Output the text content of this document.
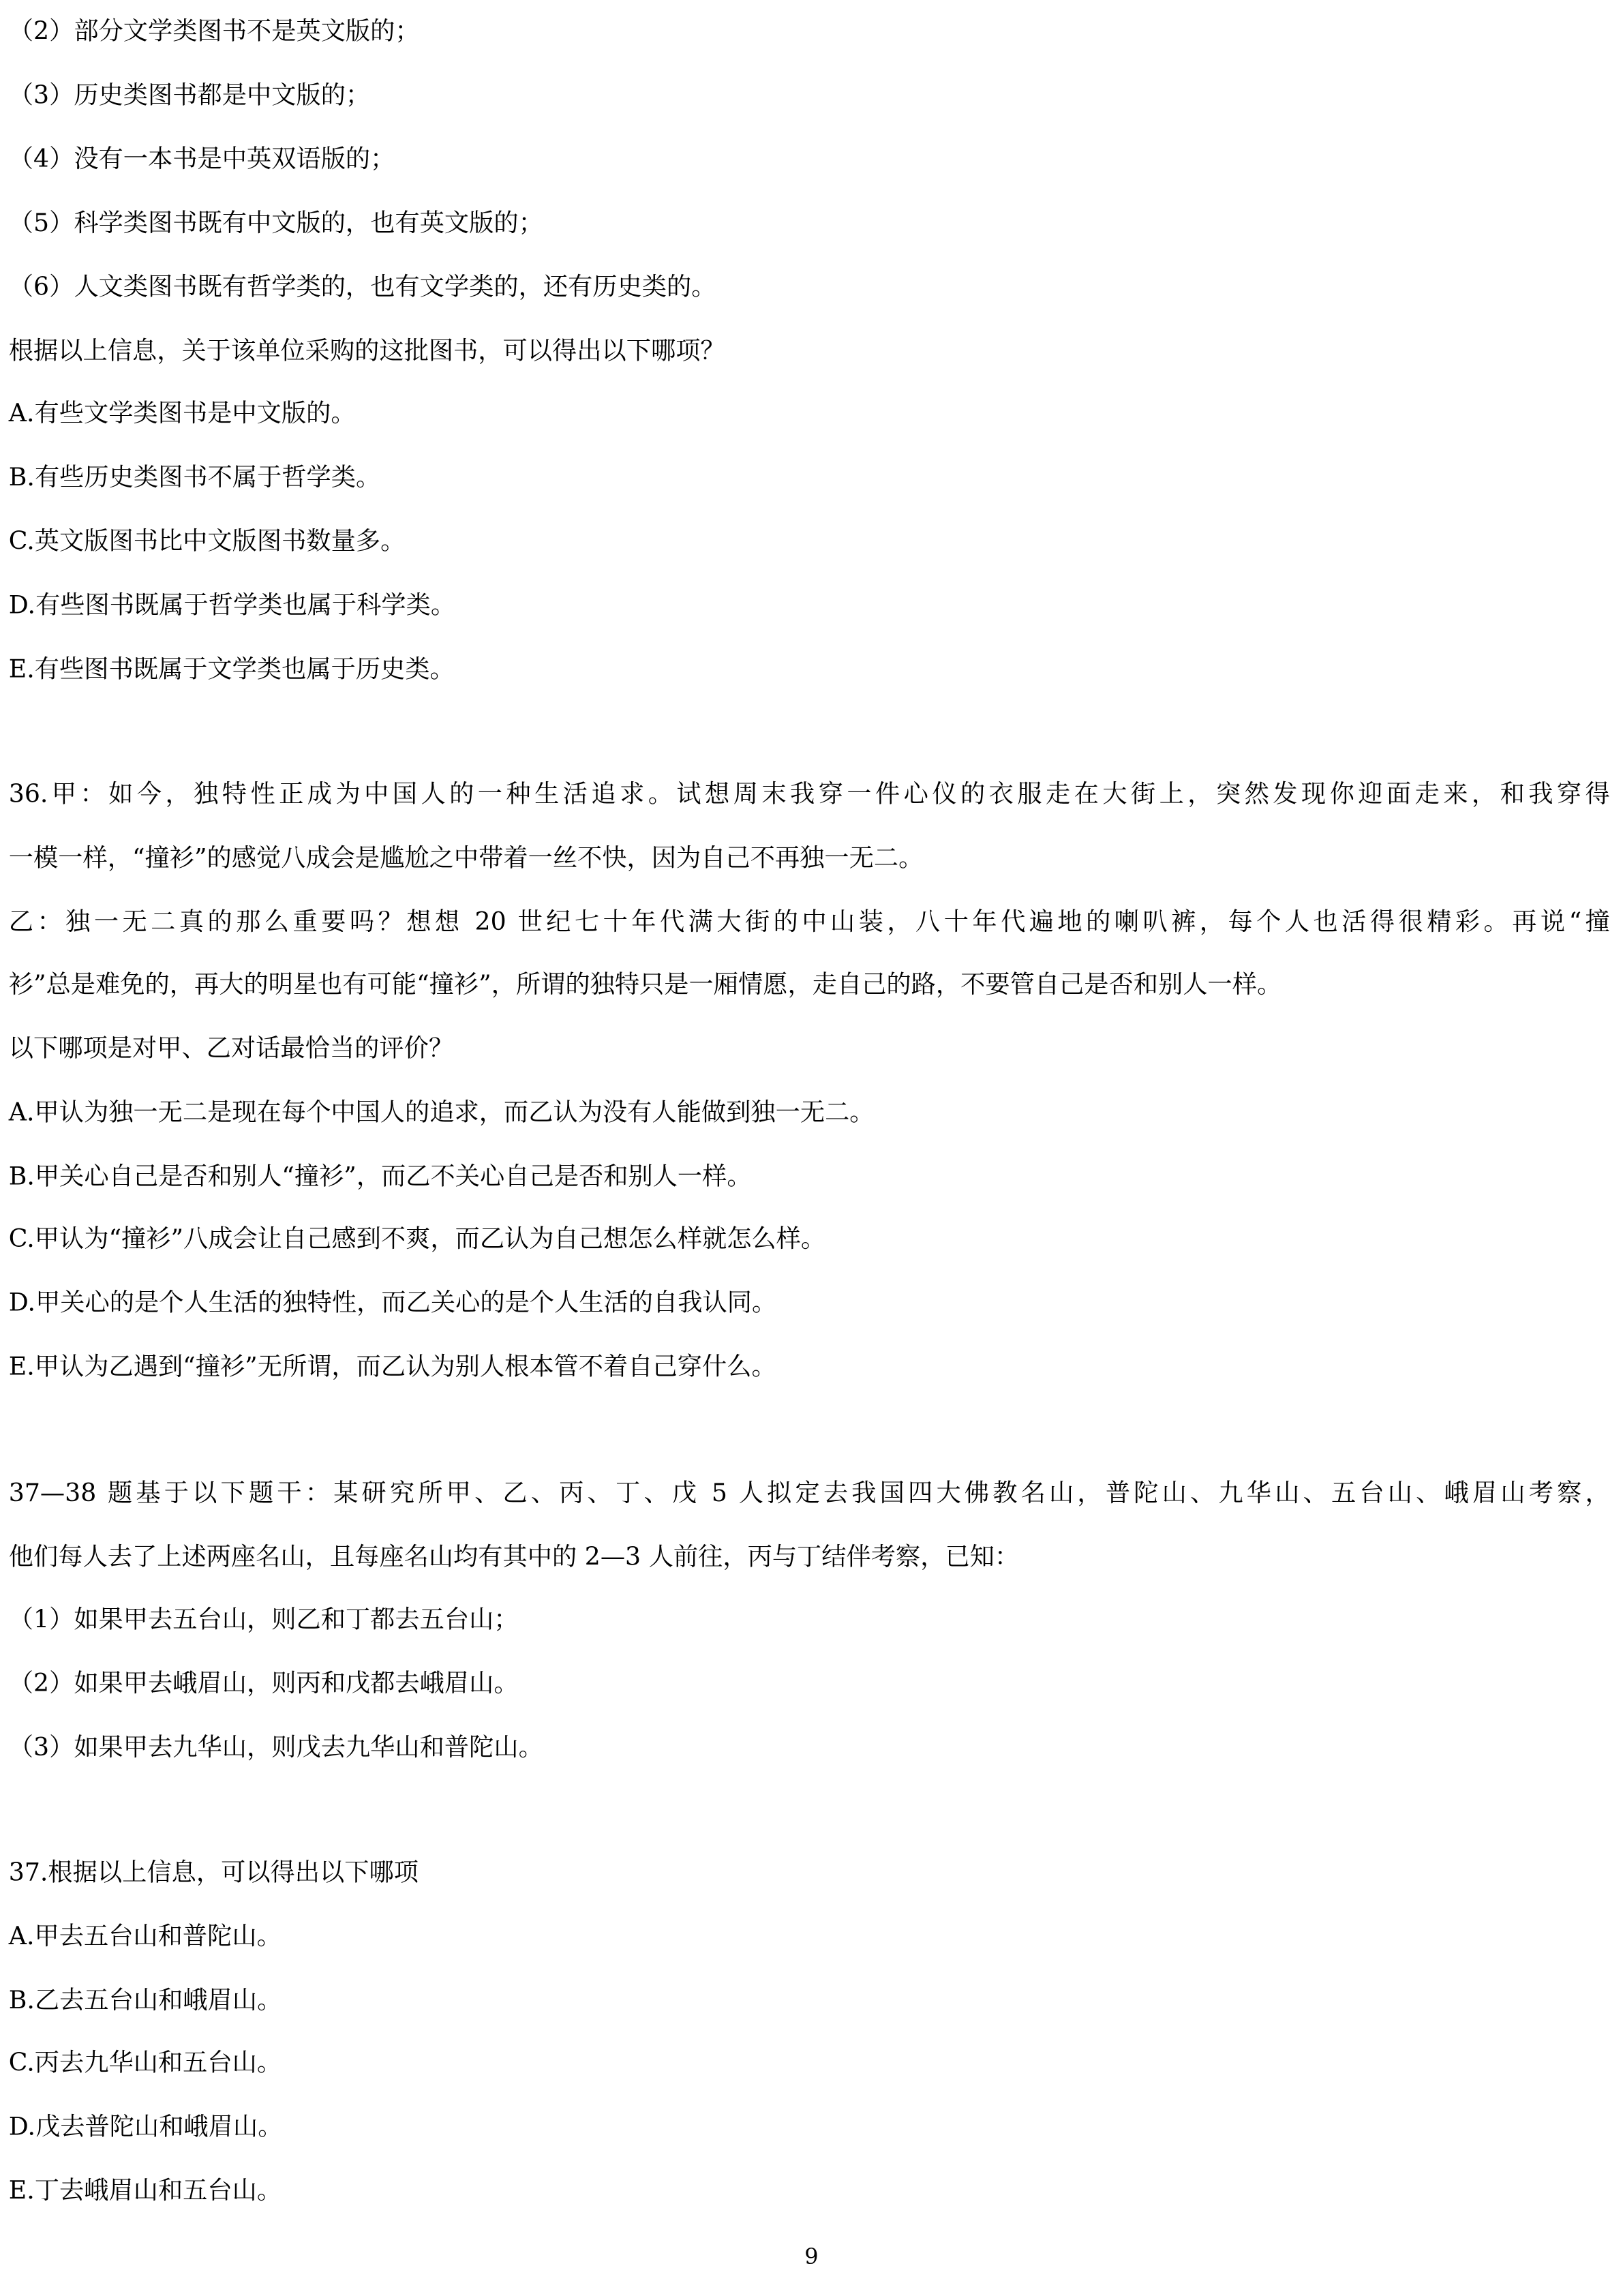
（2）部分文学类图书不是英文版的；
（3）历史类图书都是中文版的；
（4）没有一本书是中英双语版的；
（5）科学类图书既有中文版的，也有英文版的；
（6）人文类图书既有哲学类的，也有文学类的，还有历史类的。
根据以上信息，关于该单位采购的这批图书，可以得出以下哪项？
A.有些文学类图书是中文版的。
B.有些历史类图书不属于哲学类。
C.英文版图书比中文版图书数量多。
D.有些图书既属于哲学类也属于科学类。
E.有些图书既属于文学类也属于历史类。
36.甲：如今，独特性正成为中国人的一种生活追求。试想周末我穿一件心仪的衣服走在大街上，突然发现你迎面走来，和我穿得
一模一样，“撞衫”的感觉八成会是尴尬之中带着一丝不快，因为自己不再独一无二。
乙：独一无二真的那么重要吗？想想 20 世纪七十年代满大街的中山装，八十年代遍地的喇叭裤，每个人也活得很精彩。再说“撞
衫”总是难免的，再大的明星也有可能“撞衫”，所谓的独特只是一厢情愿，走自己的路，不要管自己是否和别人一样。
以下哪项是对甲、乙对话最恰当的评价？
A.甲认为独一无二是现在每个中国人的追求，而乙认为没有人能做到独一无二。
B.甲关心自己是否和别人“撞衫”，而乙不关心自己是否和别人一样。
C.甲认为“撞衫”八成会让自己感到不爽，而乙认为自己想怎么样就怎么样。
D.甲关心的是个人生活的独特性，而乙关心的是个人生活的自我认同。
E.甲认为乙遇到“撞衫”无所谓，而乙认为别人根本管不着自己穿什么。
37—38 题基于以下题干：某研究所甲、乙、丙、丁、戊 5 人拟定去我国四大佛教名山，普陀山、九华山、五台山、峨眉山考察，
他们每人去了上述两座名山，且每座名山均有其中的 2—3 人前往，丙与丁结伴考察，已知：
（1）如果甲去五台山，则乙和丁都去五台山；
（2）如果甲去峨眉山，则丙和戊都去峨眉山。
（3）如果甲去九华山，则戊去九华山和普陀山。
37.根据以上信息，可以得出以下哪项
A.甲去五台山和普陀山。
B.乙去五台山和峨眉山。
C.丙去九华山和五台山。
D.戊去普陀山和峨眉山。
E.丁去峨眉山和五台山。
9
